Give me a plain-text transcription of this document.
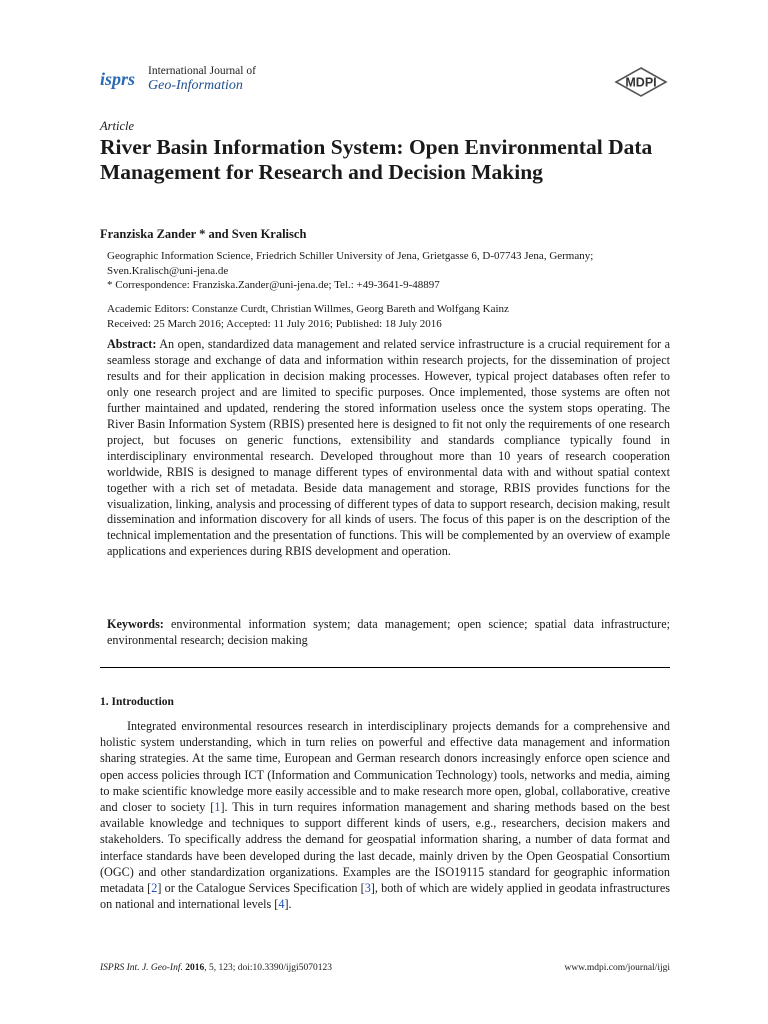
isprs International Journal of
Geo-Information	MDPI
Article
River Basin Information System: Open Environmental Data Management for Research and Decision Making
Franziska Zander * and Sven Kralisch
Geographic Information Science, Friedrich Schiller University of Jena, Grietgasse 6, D-07743 Jena, Germany; Sven.Kralisch@uni-jena.de
* Correspondence: Franziska.Zander@uni-jena.de; Tel.: +49-3641-9-48897
Academic Editors: Constanze Curdt, Christian Willmes, Georg Bareth and Wolfgang Kainz
Received: 25 March 2016; Accepted: 11 July 2016; Published: 18 July 2016

Abstract: An open, standardized data management and related service infrastructure is a crucial requirement for a seamless storage and exchange of data and information within research projects, for the dissemination of project results and for their application in decision making processes. However, typical project databases often refer to only one research project and are limited to specific purposes. Once implemented, those systems are often not further maintained and updated, rendering the stored information useless once the system stops operating. The River Basin Information System (RBIS) presented here is designed to fit not only the requirements of one research project, but focuses on generic functions, extensibility and standards compliance typically found in interdisciplinary environmental research. Developed throughout more than 10 years of research cooperation worldwide, RBIS is designed to manage different types of environmental data with and without spatial context together with a rich set of metadata. Beside data management and storage, RBIS provides functions for the visualization, linking, analysis and processing of different types of data to support research, decision making, result dissemination and information discovery for all kinds of users. The focus of this paper is on the description of the technical implementation and the presentation of functions. This will be complemented by an overview of example applications and experiences during RBIS development and operation.

Keywords: environmental information system; data management; open science; spatial data infrastructure; environmental research; decision making

1. Introduction

Integrated environmental resources research in interdisciplinary projects demands for a comprehensive and holistic system understanding, which in turn relies on powerful and effective data management and information sharing strategies. At the same time, European and German research donors increasingly enforce open science and open access policies through ICT (Information and Communication Technology) tools, networks and media, aiming to make scientific knowledge more easily accessible and to make research more open, global, collaborative, creative and closer to society [1]. This in turn requires information management and sharing methods based on the best available knowledge and techniques to support different kinds of users, e.g., researchers, decision makers and stakeholders. To specifically address the demand for geospatial information sharing, a number of data format and interface standards have been developed during the last decade, mainly driven by the Open Geospatial Consortium (OGC) and other standardization organizations. Examples are the ISO19115 standard for geographic information metadata [2] or the Catalogue Services Specification [3], both of which are widely applied in geodata infrastructures on national and international levels [4].

ISPRS Int. J. Geo-Inf. 2016, 5, 123; doi:10.3390/ijgi5070123	www.mdpi.com/journal/ijgi
